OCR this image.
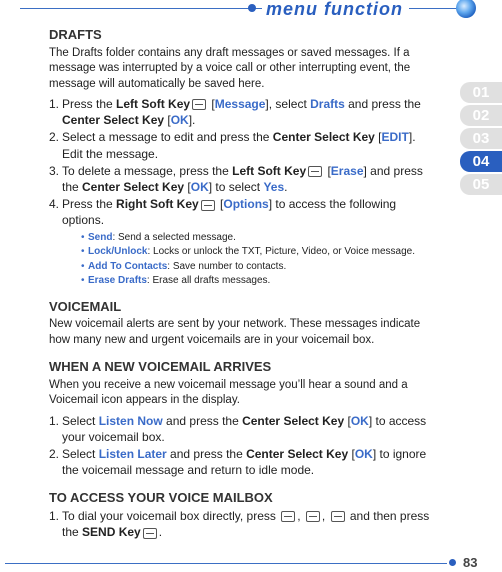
menu function
01
02
03
04
05
DRAFTS

The Drafts folder contains any draft messages or saved messages. If a message was interrupted by a voice call or other interrupting event, the message will automatically be saved here.

1. Press the Left Soft Key [Message], select Drafts and press the Center Select Key [OK].
2. Select a message to edit and press the Center Select Key [EDIT].
Edit the message.
3. To delete a message, press the Left Soft Key [Erase] and press the Center Select Key [OK] to select Yes.
4. Press the Right Soft Key [Options] to access the following options.
• Send: Send a selected message.
• Lock/Unlock: Locks or unlock the TXT, Picture, Video, or Voice message.
• Add To Contacts: Save number to contacts.
• Erase Drafts: Erase all drafts messages.
VOICEMAIL

New voicemail alerts are sent by your network. These messages indicate how many new and urgent voicemails are in your voicemail box.

WHEN A NEW VOICEMAIL ARRIVES

When you receive a new voicemail message you’ll hear a sound and a Voicemail icon appears in the display.

1. Select Listen Now and press the Center Select Key [OK] to access your voicemail box.
2. Select Listen Later and press the Center Select Key [OK] to ignore the voicemail message and return to idle mode.
TO ACCESS YOUR VOICE MAILBOX
1. To dial your voicemail box directly, press , ,  and then press the SEND Key .
83
